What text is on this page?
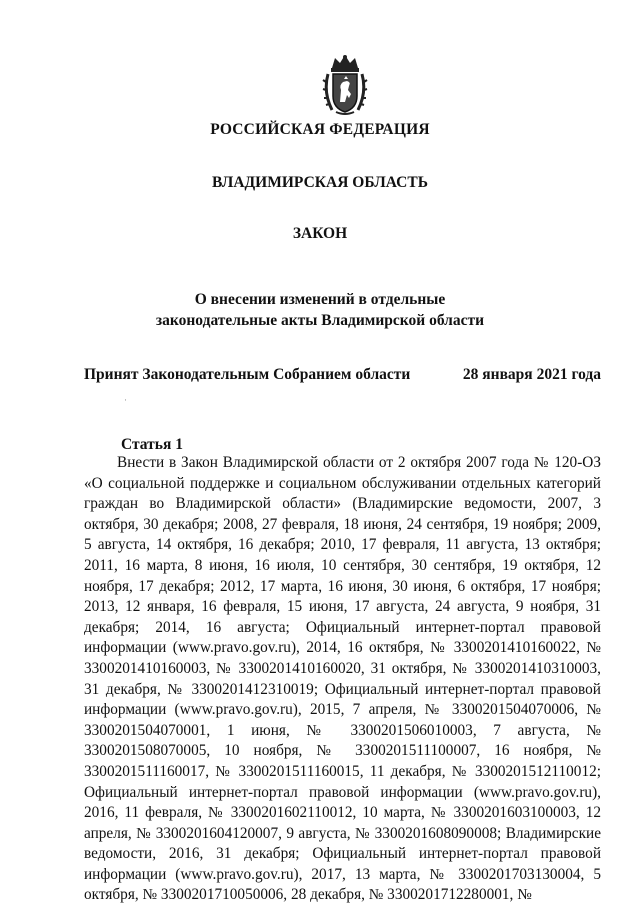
РОССИЙСКАЯ ФЕДЕРАЦИЯ
ВЛАДИМИРСКАЯ ОБЛАСТЬ
ЗАКОН
О внесении изменений в отдельные
законодательные акты Владимирской области
Принят Законодательным Собранием области	28 января 2021 года
·
Статья 1

Внести в Закон Владимирской области от 2 октября 2007 года № 120-ОЗ «О социальной поддержке и социальном обслуживании отдельных категорий граждан во Владимирской области» (Владимирские ведомости, 2007, 3 октября, 30 декабря; 2008, 27 февраля, 18 июня, 24 сентября, 19 ноября; 2009, 5 августа, 14 октября, 16 декабря; 2010, 17 февраля, 11 августа, 13 октября; 2011, 16 марта, 8 июня, 16 июля, 10 сентября, 30 сентября, 19 октября, 12 ноября, 17 декабря; 2012, 17 марта, 16 июня, 30 июня, 6 октября, 17 ноября; 2013, 12 января, 16 февраля, 15 июня, 17 августа, 24 августа, 9 ноября, 31 декабря; 2014, 16 августа; Официальный интернет-портал правовой информации (www.pravo.gov.ru), 2014, 16 октября, № 3300201410160022, № 3300201410160003, № 3300201410160020, 31 октября, № 3300201410310003, 31 декабря, № 3300201412310019; Официальный интернет-портал правовой информации (www.pravo.gov.ru), 2015, 7 апреля, № 3300201504070006, № 3300201504070001, 1 июня, № 3300201506010003, 7 августа, № 3300201508070005, 10 ноября, № 3300201511100007, 16 ноября, № 3300201511160017, № 3300201511160015, 11 декабря, № 3300201512110012; Официальный интернет-портал правовой информации (www.pravo.gov.ru), 2016, 11 февраля, № 3300201602110012, 10 марта, № 3300201603100003, 12 апреля, № 3300201604120007, 9 августа, № 3300201608090008; Владимирские ведомости, 2016, 31 декабря; Официальный интернет-портал правовой информации (www.pravo.gov.ru), 2017, 13 марта, № 3300201703130004, 5 октября, № 3300201710050006, 28 декабря, № 3300201712280001, №
